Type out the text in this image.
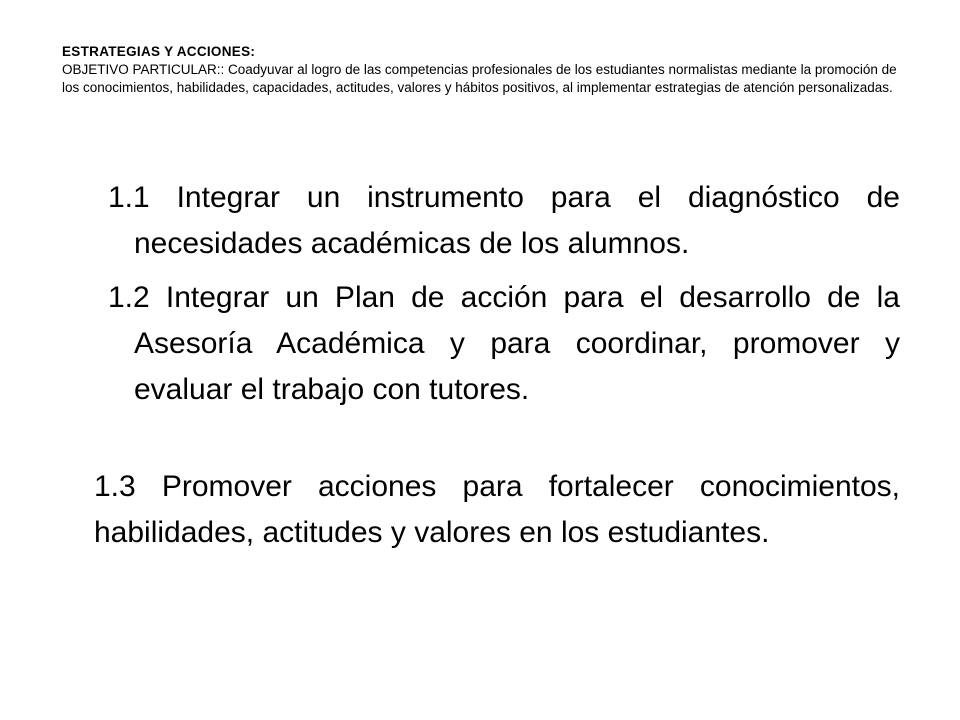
ESTRATEGIAS Y ACCIONES:
OBJETIVO PARTICULAR:: Coadyuvar al logro de las competencias profesionales de los estudiantes normalistas mediante la promoción de los conocimientos, habilidades, capacidades, actitudes, valores y hábitos positivos, al implementar estrategias de atención personalizadas.
1.1 Integrar un instrumento para el diagnóstico de necesidades académicas de los alumnos.
1.2 Integrar un Plan de acción para el desarrollo de la Asesoría Académica y para coordinar, promover y evaluar el trabajo con tutores.
1.3 Promover acciones para fortalecer conocimientos, habilidades, actitudes y valores en los estudiantes.
